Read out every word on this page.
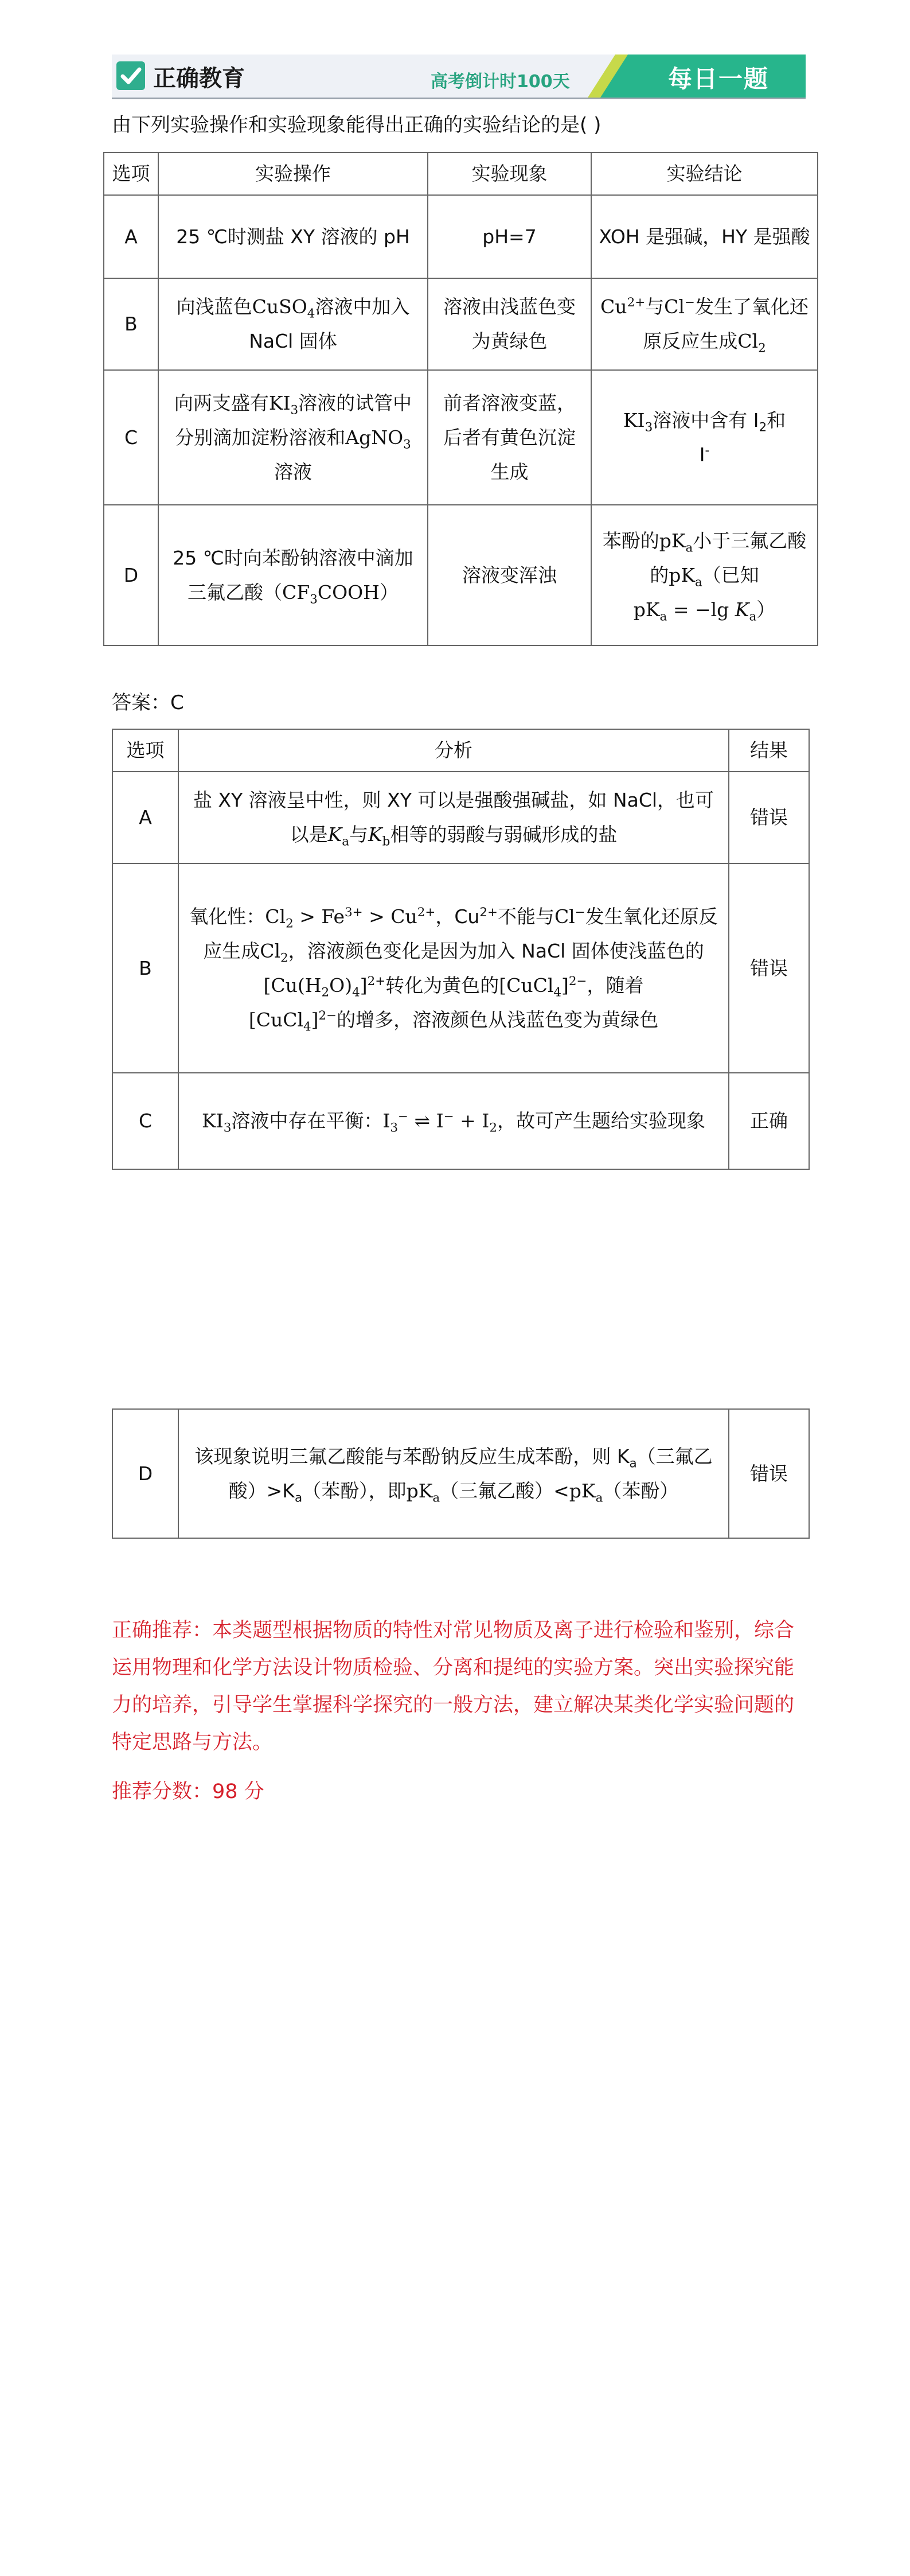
正确教育	高考倒计时100天	每日一题
由下列实验操作和实验现象能得出正确的实验结论的是( )
选项	实验操作	实验现象	实验结论
A	25 ℃时测盐 XY 溶液的 pH	pH=7	XOH 是强碱，HY 是强酸
B	向浅蓝色CuSO$_4$溶液中加入 NaCl 固体	溶液由浅蓝色变为黄绿色	$Cu^{2+}$与Cl−发生了氧化还原反应生成$Cl_2$
C	向两支盛有$KI_3$溶液的试管中分别滴加淀粉溶液和AgNO$_3$溶液	前者溶液变蓝，后者有黄色沉淀生成	$KI_3$溶液中含有 $I_2$和
I-
D	25 ℃时向苯酚钠溶液中滴加三氟乙酸$(CF_3COOH)$	溶液变浑浊	苯酚的$pK_a$小于三氟乙酸的$pK_a$（已知
$pK_a = -\lg$ $K_a$）
答案：C
选项	分析	结果
A	盐 XY 溶液呈中性，则 XY 可以是强酸强碱盐，如 NaCl，也可以是$K_a$与$K_b$相等的弱酸与弱碱形成的盐	错误
B	氧化性：$Cl_2 > Fe^{3+} > Cu^{2+}$，$Cu^{2+}$不能与Cl−发生氧化还原反应生成$Cl_2$，溶液颜色变化是因为加入 NaCl 固体使浅蓝色的$[Cu(H_2O)_4]^{2+}$转化为黄色的[CuCl$_4$]$^{2-}$，随着
[CuCl$_4$]$^{2-}$的增多，溶液颜色从浅蓝色变为黄绿色	错误
C	$KI_3$溶液中存在平衡：$I_3^-$ ⇌ $I^- + I_2$，故可产生题给实验现象	正确
D	该现象说明三氟乙酸能与苯酚钠反应生成苯酚，则 $K_a$（三氟乙酸）$>K_a$（苯酚），即$pK_a$（三氟乙酸）$<pK_a$（苯酚）	错误
正确推荐：本类题型根据物质的特性对常见物质及离子进行检验和鉴别，综合运用物理和化学方法设计物质检验、分离和提纯的实验方案。突出实验探究能力的培养，引导学生掌握科学探究的一般方法，建立解决某类化学实验问题的特定思路与方法。
推荐分数：98 分
